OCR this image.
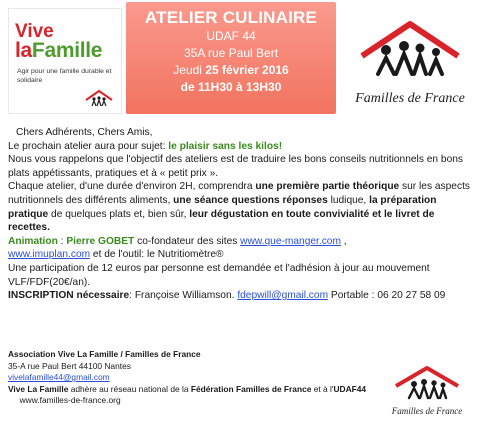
Vive
laFamille
Agir pour une famille durable et solidaire
ATELIER CULINAIRE
UDAF 44
35A rue Paul Bert
Jeudi 25 février 2016
de 11H30 à 13H30
Familles de France

Chers Adhérents, Chers Amis,

Le prochain atelier aura pour sujet: le plaisir sans les kilos!

Nous vous rappelons que l'objectif des ateliers est de traduire les bons conseils nutritionnels en bons plats appétissants, pratiques et à « petit prix ».

Chaque atelier, d'une durée d'environ 2H, comprendra une première partie théorique sur les aspects nutritionnels des différents aliments, une séance questions réponses ludique, la préparation pratique de quelques plats et, bien sûr, leur dégustation en toute convivialité et le livret de recettes.

Animation : Pierre GOBET co-fondateur des sites www.que-manger.com ,
www.imuplan.com et de l'outil: le Nutritiomètre®

Une participation de 12 euros par personne est demandée et l'adhésion à jour au mouvement VLF/FDF(20€/an).

INSCRIPTION nécessaire: Françoise Williamson. fdepwill@gmail.com Portable : 06 20 27 58 09

Association Vive La Famille / Familles de France

35-A rue Paul Bert 44100 Nantes

vivelafamille44@gmail.com

Vive La Famille adhère au réseau national de la Fédération Familles de France et à l'UDAF44     www.familles-de-france.org

Familles de France
